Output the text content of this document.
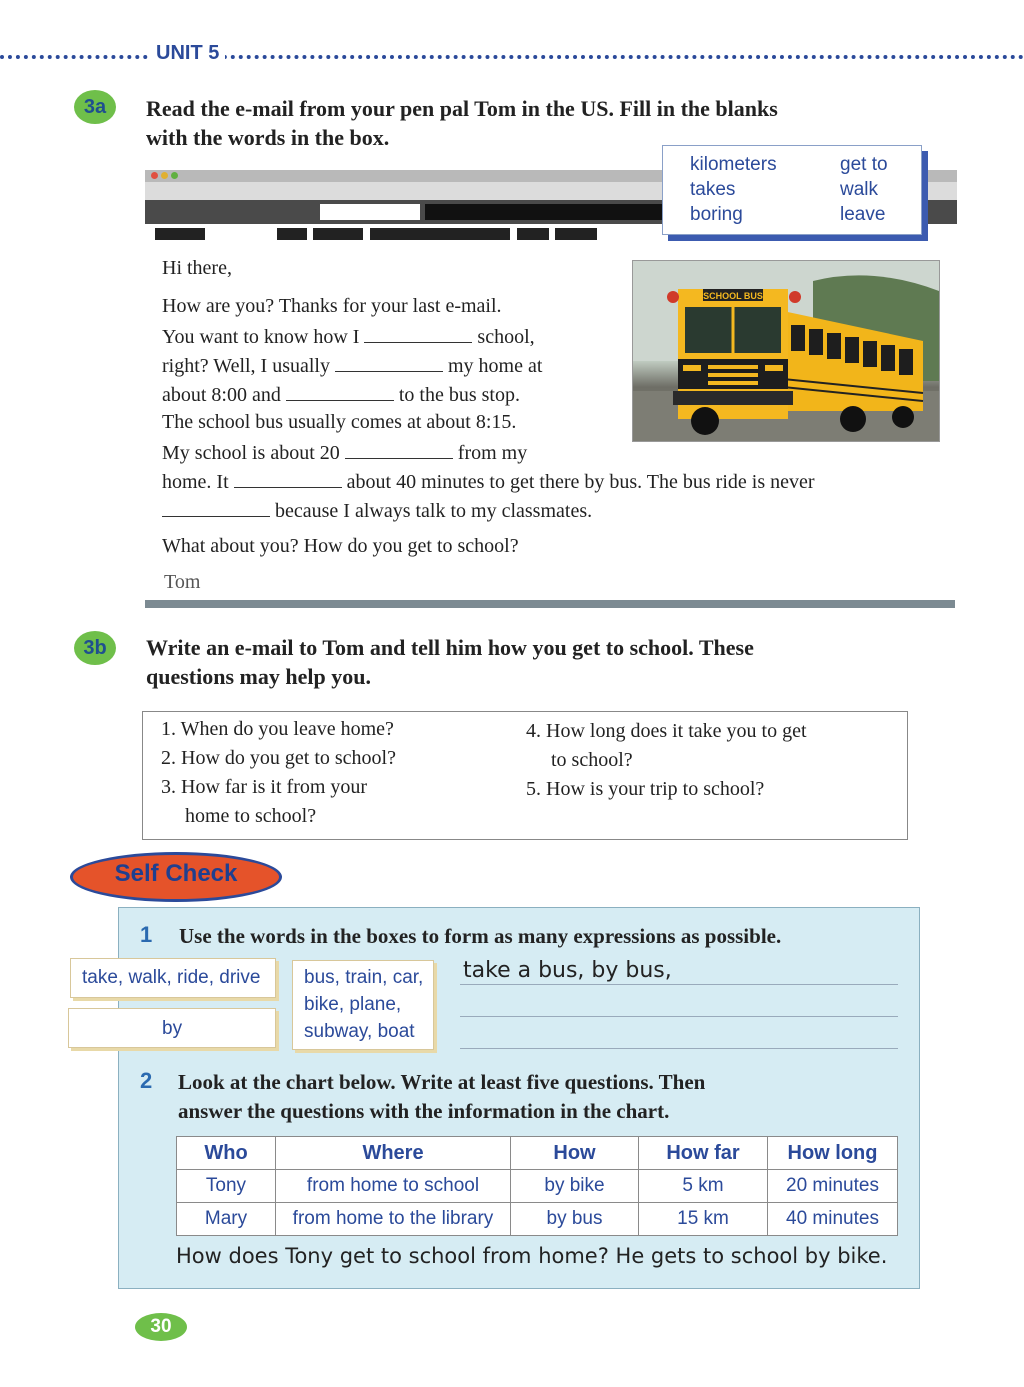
UNIT 5
3a	Read the e-mail from your pen pal Tom in the US. Fill in the blanks
with the words in the box.
kilometers	get to
takes	walk
boring	leave
Hi there,
How are you? Thanks for your last e-mail.
You want to know how I	school,
right? Well, I usually	my home at
about 8:00 and	to the bus stop.
The school bus usually comes at about 8:15.
My school is about 20	from my
home. It	about 40 minutes to get there by bus. The bus ride is never
because I always talk to my classmates.
What about you? How do you get to school?
Tom
SCHOOL BUS
3b	Write an e-mail to Tom and tell him how you get to school. These
questions may help you.
1. When do you leave home?
2. How do you get to school?
3. How far is it from your
home to school?
4. How long does it take you to get
to school?
5. How is your trip to school?
Self Check
1 Use the words in the boxes to form as many expressions as possible.
take, walk, ride, drive
by
bus, train, car,
bike, plane,
subway, boat
take a bus, by bus,
2 Look at the chart below. Write at least five questions. Then
answer the questions with the information in the chart.
Who	Where	How	How far	How long
Tony	from home to school	by bike	5 km	20 minutes
Mary	from home to the library	by bus	15 km	40 minutes
How does Tony get to school from home? He gets to school by bike.
30
